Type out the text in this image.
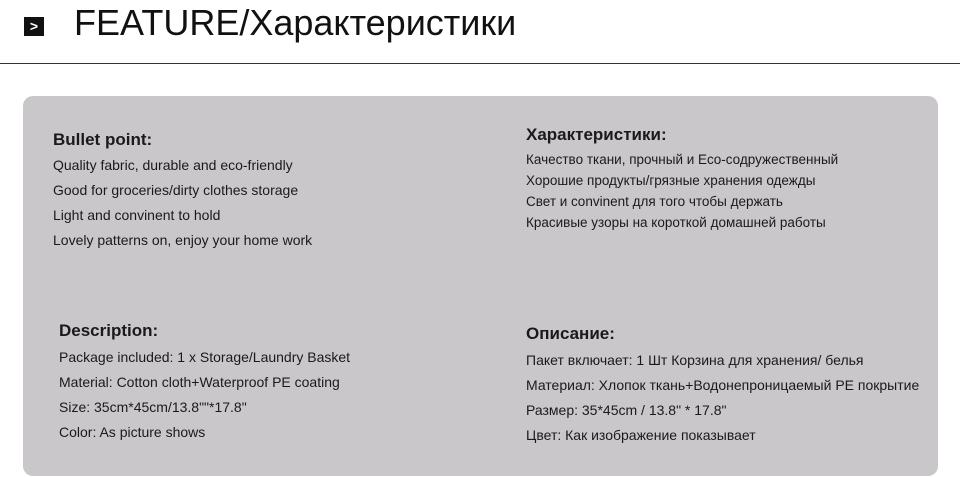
> FEATURE/Характеристики
Bullet point:
Quality fabric, durable and eco-friendly
Good for groceries/dirty clothes storage
Light and convinent to hold
Lovely patterns on, enjoy your home work
Характеристики:
Качество ткани, прочный и Eco-содружественный
Хорошие продукты/грязные хранения одежды
Свет и convinent для того чтобы держать
Красивые узоры на короткой домашней работы
Description:
Package included: 1 x Storage/Laundry Basket
Material: Cotton cloth+Waterproof PE coating
Size: 35cm*45cm/13.8""*17.8"
Color: As picture shows
Описание:
Пакет включает: 1 Шт Корзина для хранения/ белья
Материал: Хлопок ткань+Водонепроницаемый PE покрытие
Размер: 35*45cm / 13.8" * 17.8"
Цвет: Как изображение показывает
